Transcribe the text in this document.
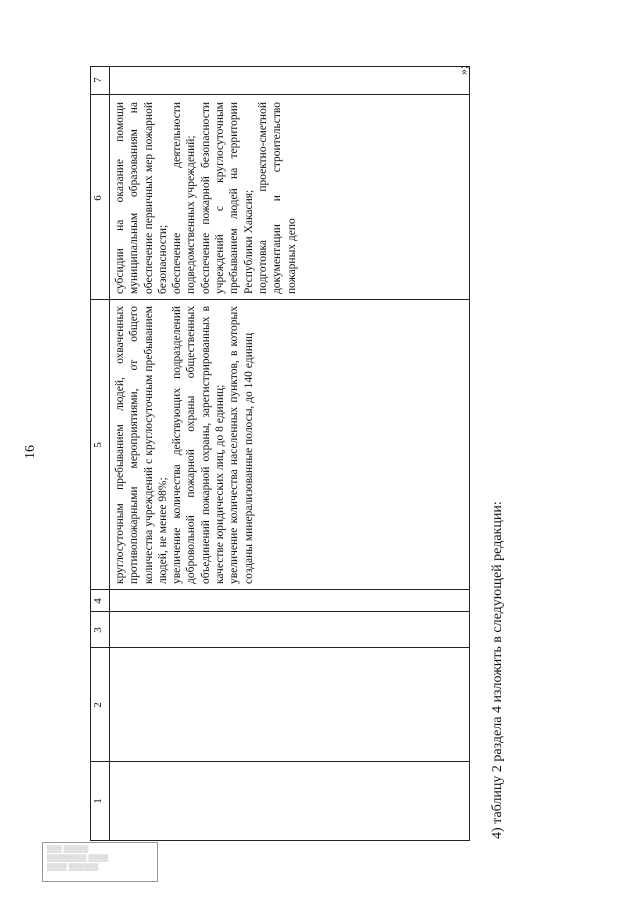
16
1
2
3
4
5
6
7

круглосуточным пребыванием людей, охваченных противопожарными мероприятиями, от общего количества учреждений с круглосуточным пребыванием людей, не менее 98%; увеличение количества действующих подразделений добровольной пожарной охраны общественных объединений пожарной охраны, зарегистрированных в качестве юридических лиц, до 8 единиц; увеличение количества населенных пунктов, в которых созданы минерализованные полосы, до 140 единиц

субсидии на оказание помощи муниципальным образованиям на обеспечение первичных мер пожарной безопасности; обеспечение деятельности подведомственных учреждений; обеспечение пожарной безопасности учреждений с круглосуточным пребыванием людей на территории Республики Хакасия; подготовка проектно-сметной документации и строительство пожарных депо

4) таблицу 2 раздела 4 изложить в следующей редакции:
»;
▒▒▒ ▒▒▒▒▒
▒▒▒▒▒▒▒▒ ▒▒▒▒
▒▒▒▒ ▒▒▒▒▒▒
